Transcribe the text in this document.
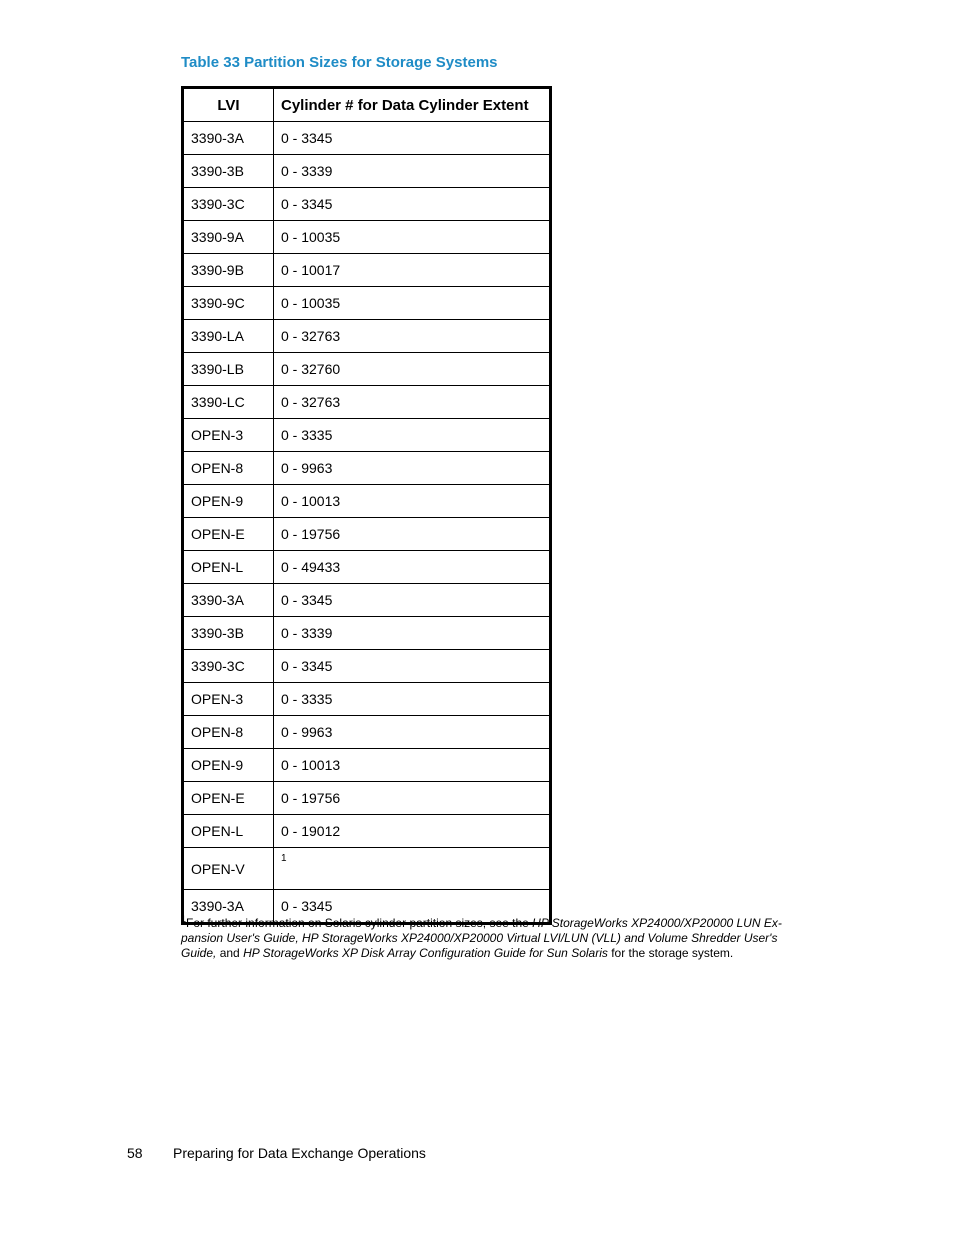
Table 33 Partition Sizes for Storage Systems
LVI	Cylinder # for Data Cylinder Extent
3390-3A	0 - 3345
3390-3B	0 - 3339
3390-3C	0 - 3345
3390-9A	0 - 10035
3390-9B	0 - 10017
3390-9C	0 - 10035
3390-LA	0 - 32763
3390-LB	0 - 32760
3390-LC	0 - 32763
OPEN-3	0 - 3335
OPEN-8	0 - 9963
OPEN-9	0 - 10013
OPEN-E	0 - 19756
OPEN-L	0 - 49433
3390-3A	0 - 3345
3390-3B	0 - 3339
3390-3C	0 - 3345
OPEN-3	0 - 3335
OPEN-8	0 - 9963
OPEN-9	0 - 10013
OPEN-E	0 - 19756
OPEN-L	0 - 19012
OPEN-V	$^1$
3390-3A	0 - 3345
$^1$For further information on Solaris cylinder partition sizes, see the HP StorageWorks XP24000/XP20000 LUN Ex- pansion User's Guide, HP StorageWorks XP24000/XP20000 Virtual LVI/LUN (VLL) and Volume Shredder User's Guide, and HP StorageWorks XP Disk Array Configuration Guide for Sun Solaris for the storage system.
58 Preparing for Data Exchange Operations
